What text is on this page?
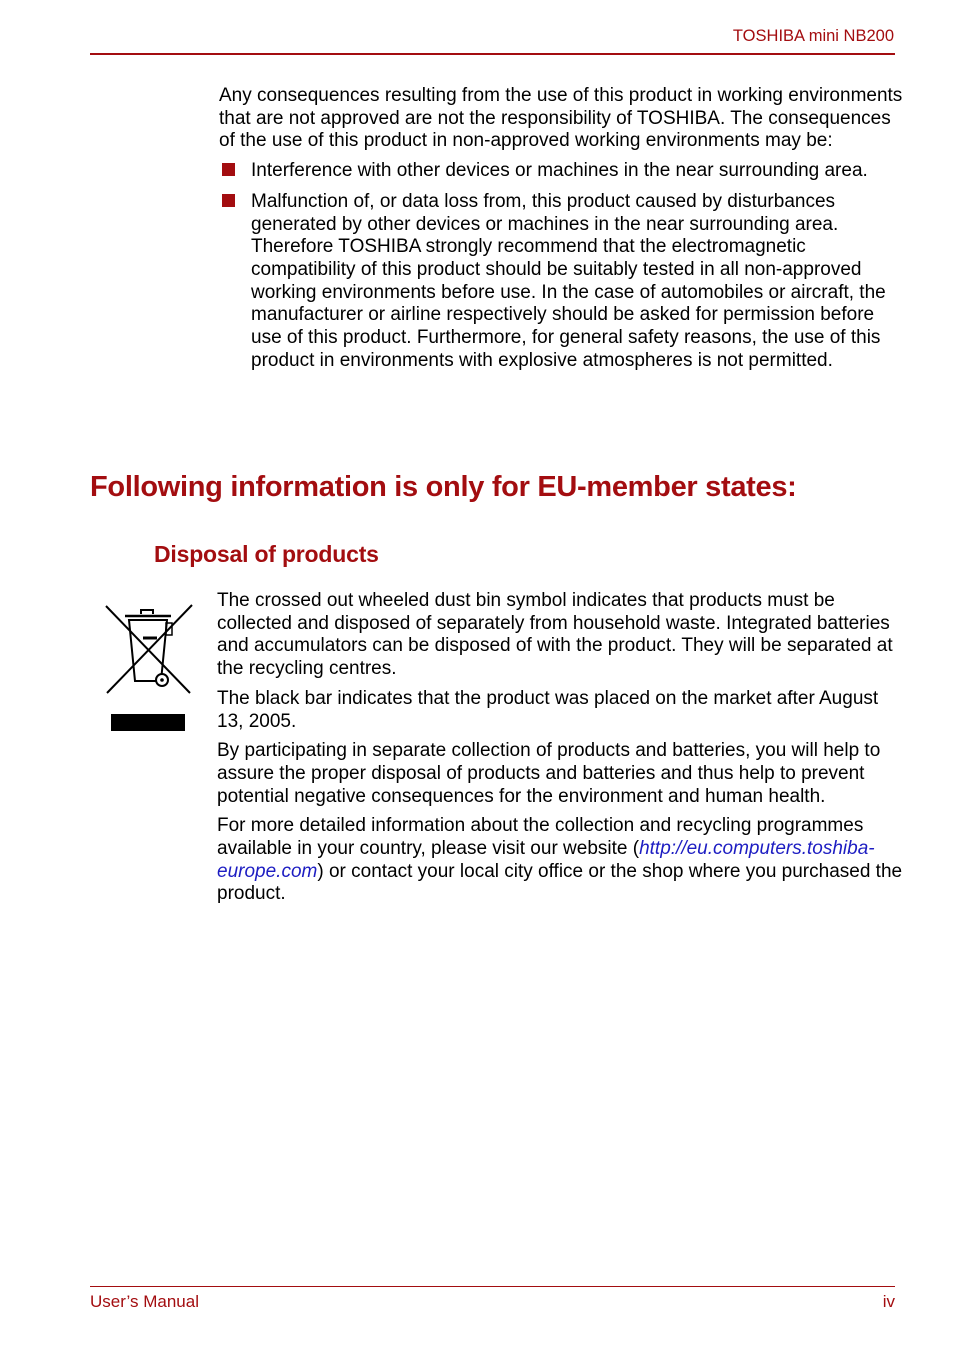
TOSHIBA mini NB200

Any consequences resulting from the use of this product in working environments that are not approved are not the responsibility of TOSHIBA. The consequences of the use of this product in non-approved working environments may be:

Interference with other devices or machines in the near surrounding area.
Malfunction of, or data loss from, this product caused by disturbances generated by other devices or machines in the near surrounding area. Therefore TOSHIBA strongly recommend that the electromagnetic compatibility of this product should be suitably tested in all non-approved working environments before use. In the case of automobiles or aircraft, the manufacturer or airline respectively should be asked for permission before use of this product. Furthermore, for general safety reasons, the use of this product in environments with explosive atmospheres is not permitted.
Following information is only for EU-member states:
Disposal of products

The crossed out wheeled dust bin symbol indicates that products must be collected and disposed of separately from household waste. Integrated batteries and accumulators can be disposed of with the product. They will be separated at the recycling centres.

The black bar indicates that the product was placed on the market after August 13, 2005.

By participating in separate collection of products and batteries, you will help to assure the proper disposal of products and batteries and thus help to prevent potential negative consequences for the environment and human health.

For more detailed information about the collection and recycling programmes available in your country, please visit our website (http://eu.computers.toshiba-europe.com) or contact your local city office or the shop where you purchased the product.

User’s Manual	iv
